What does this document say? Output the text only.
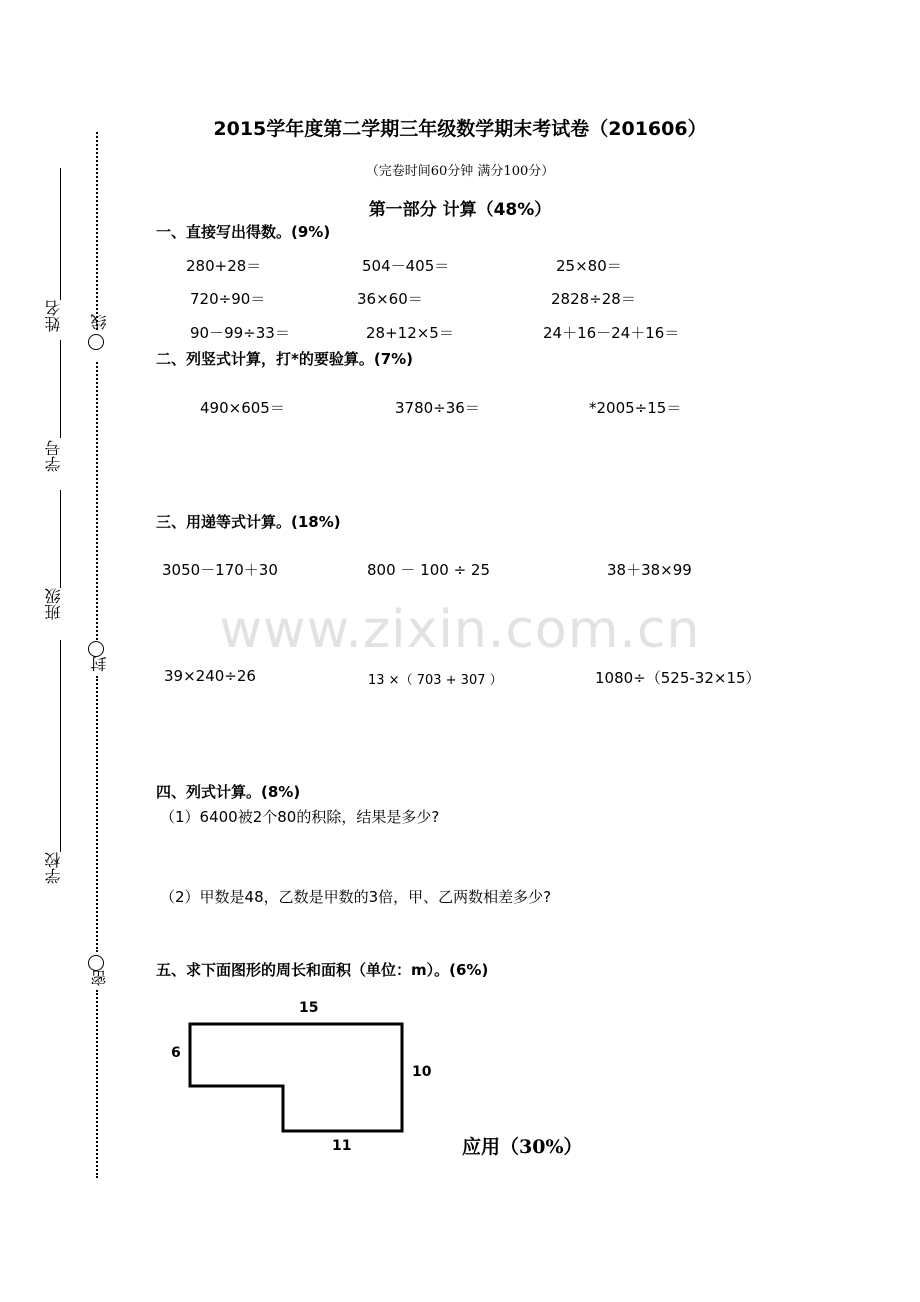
www.zixin.com.cn
2015学年度第二学期三年级数学期末考试卷（201606）
（完卷时间60分钟 满分100分）
第一部分 计算（48%）
线
封
密
姓名
学号
班级
学校
一、直接写出得数。(9%)
280+28＝	504－405＝	25×80＝
720÷90＝	36×60＝	2828÷28＝
90－99÷33＝	28+12×5＝	24＋16－24＋16＝
二、列竖式计算，打*的要验算。(7%)
490×605＝	3780÷36＝	*2005÷15＝
三、用递等式计算。(18%)
3050－170＋30	800 － 100 ÷ 25	38＋38×99
39×240÷26	13 ×（ 703 + 307 ）	1080÷（525-32×15）
四、列式计算。(8%)
（1）6400被2个80的积除，结果是多少?
（2）甲数是48，乙数是甲数的3倍，甲、乙两数相差多少?
五、求下面图形的周长和面积（单位：m）。(6%)
15
6
10
11	应用（30%）
